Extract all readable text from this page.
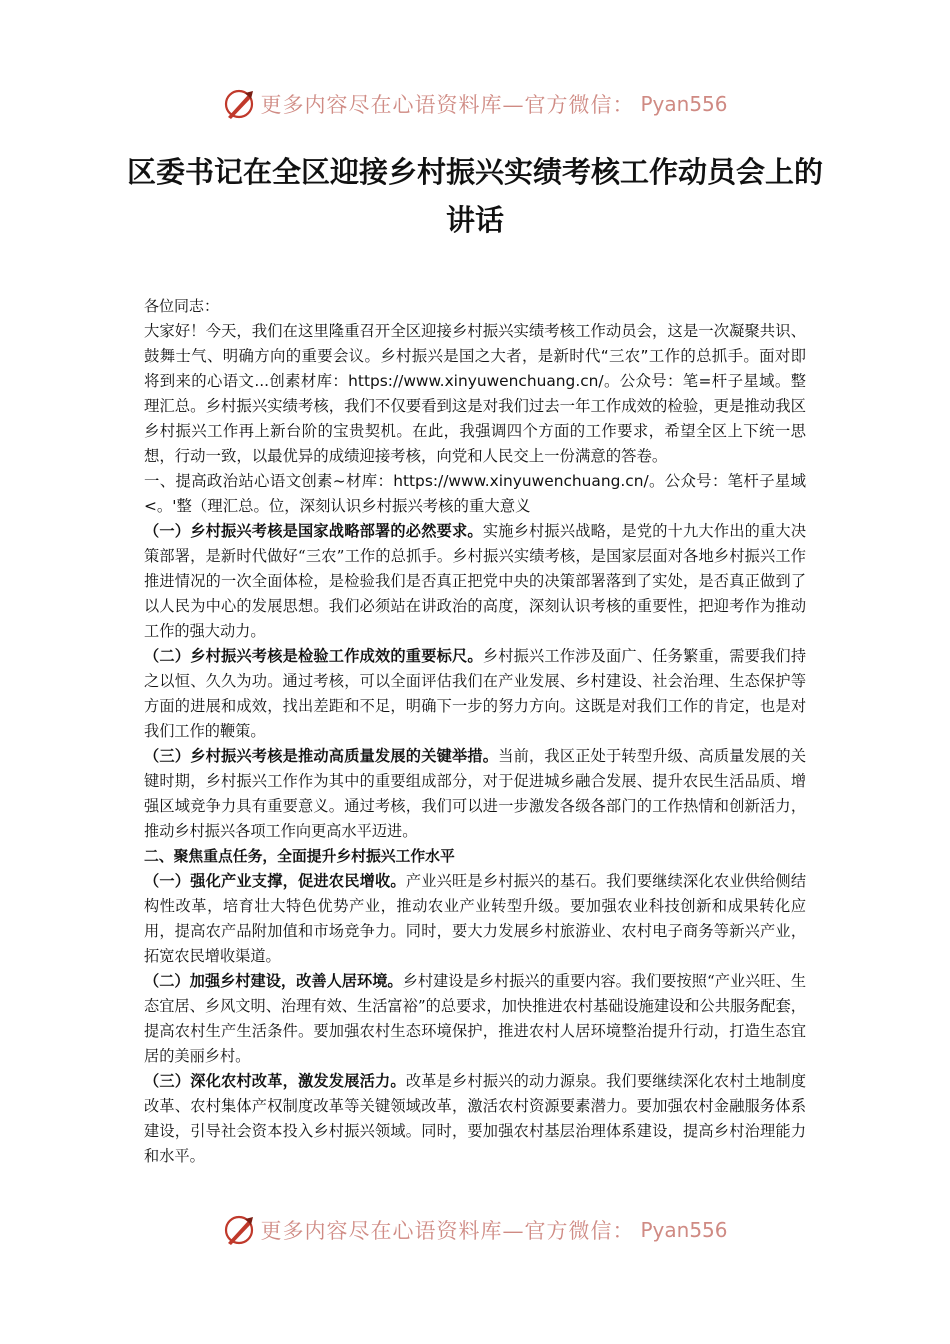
更多内容尽在心语资料库—官方微信： Pyan556
区委书记在全区迎接乡村振兴实绩考核工作动员会上的讲话

各位同志：

大家好！今天，我们在这里隆重召开全区迎接乡村振兴实绩考核工作动员会，这是一次凝聚共识、鼓舞士气、明确方向的重要会议。乡村振兴是国之大者，是新时代“三农”工作的总抓手。面对即将到来的心语文...创素材库：https://www.xinyuwenchuang.cn/。公众号：笔=杆子星域。整理汇总。乡村振兴实绩考核，我们不仅要看到这是对我们过去一年工作成效的检验，更是推动我区乡村振兴工作再上新台阶的宝贵契机。在此，我强调四个方面的工作要求，希望全区上下统一思想，行动一致，以最优异的成绩迎接考核，向党和人民交上一份满意的答卷。

一、提高政治站心语文创素~材库：https://www.xinyuwenchuang.cn/。公众号：笔杆子星域<。'整（理汇总。位，深刻认识乡村振兴考核的重大意义

（一）乡村振兴考核是国家战略部署的必然要求。实施乡村振兴战略，是党的十九大作出的重大决策部署，是新时代做好“三农”工作的总抓手。乡村振兴实绩考核，是国家层面对各地乡村振兴工作推进情况的一次全面体检，是检验我们是否真正把党中央的决策部署落到了实处，是否真正做到了以人民为中心的发展思想。我们必须站在讲政治的高度，深刻认识考核的重要性，把迎考作为推动工作的强大动力。

（二）乡村振兴考核是检验工作成效的重要标尺。乡村振兴工作涉及面广、任务繁重，需要我们持之以恒、久久为功。通过考核，可以全面评估我们在产业发展、乡村建设、社会治理、生态保护等方面的进展和成效，找出差距和不足，明确下一步的努力方向。这既是对我们工作的肯定，也是对我们工作的鞭策。

（三）乡村振兴考核是推动高质量发展的关键举措。当前，我区正处于转型升级、高质量发展的关键时期，乡村振兴工作作为其中的重要组成部分，对于促进城乡融合发展、提升农民生活品质、增强区域竞争力具有重要意义。通过考核，我们可以进一步激发各级各部门的工作热情和创新活力，推动乡村振兴各项工作向更高水平迈进。

二、聚焦重点任务，全面提升乡村振兴工作水平

（一）强化产业支撑，促进农民增收。产业兴旺是乡村振兴的基石。我们要继续深化农业供给侧结构性改革，培育壮大特色优势产业，推动农业产业转型升级。要加强农业科技创新和成果转化应用，提高农产品附加值和市场竞争力。同时，要大力发展乡村旅游业、农村电子商务等新兴产业，拓宽农民增收渠道。

（二）加强乡村建设，改善人居环境。乡村建设是乡村振兴的重要内容。我们要按照“产业兴旺、生态宜居、乡风文明、治理有效、生活富裕”的总要求，加快推进农村基础设施建设和公共服务配套，提高农村生产生活条件。要加强农村生态环境保护，推进农村人居环境整治提升行动，打造生态宜居的美丽乡村。

（三）深化农村改革，激发发展活力。改革是乡村振兴的动力源泉。我们要继续深化农村土地制度改革、农村集体产权制度改革等关键领域改革，激活农村资源要素潜力。要加强农村金融服务体系建设，引导社会资本投入乡村振兴领域。同时，要加强农村基层治理体系建设，提高乡村治理能力和水平。

更多内容尽在心语资料库—官方微信： Pyan556
